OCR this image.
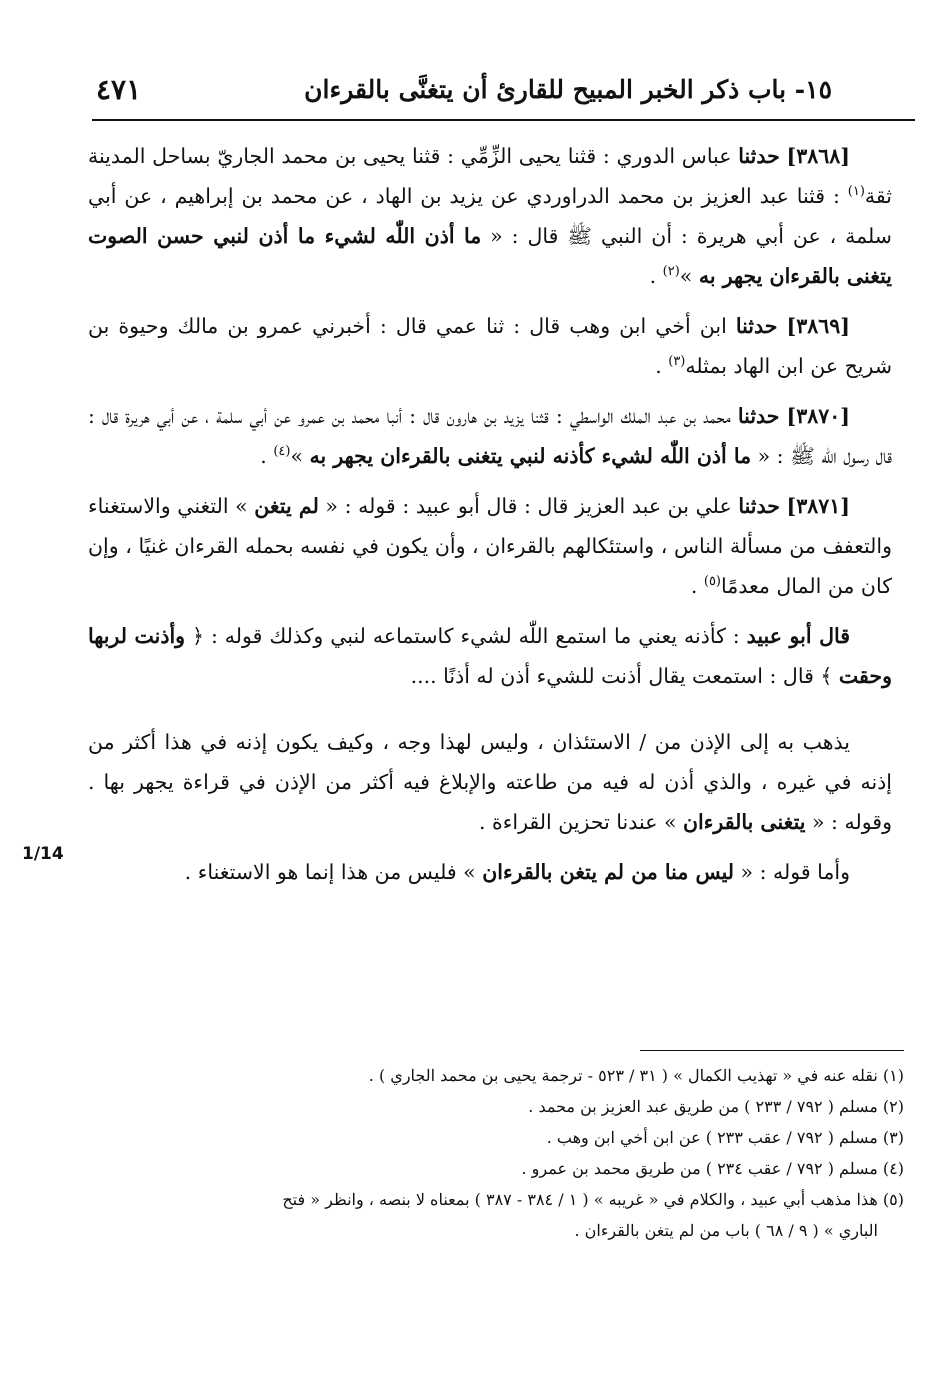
١٥- باب ذكر الخبر المبيح للقارئ أن يتغنَّى بالقرءان
٤٧١

[٣٨٦٨] حدثنا عباس الدوري : قثنا يحيى الزِّمِّي : قثنا يحيى بن محمد الجاريّ بساحل المدينة ثقة$^{(١)}$ : قثنا عبد العزيز بن محمد الدراوردي عن يزيد بن الهاد ، عن محمد بن إبراهيم ، عن أبي سلمة ، عن أبي هريرة : أن النبي ﷺ قال : « ما أذن اللّٰه لشيء ما أذن لنبي حسن الصوت يتغنى بالقرءان يجهر به »$^{(٢)}$ .

[٣٨٦٩] حدثنا ابن أخي ابن وهب قال : ثنا عمي قال : أخبرني عمرو بن مالك وحيوة بن شريح عن ابن الهاد بمثله$^{(٣)}$ .

[٣٨٧٠] حدثنا محمد بن عبد الملك الواسطي : قثنا يزيد بن هارون قال : أنبا محمد بن عمرو عن أبي سلمة ، عن أبي هريرة قال : قال رسول اللّٰه ﷺ : « ما أذن اللّٰه لشيء كأذنه لنبي يتغنى بالقرءان يجهر به »$^{(٤)}$ .

[٣٨٧١] حدثنا علي بن عبد العزيز قال : قال أبو عبيد : قوله : « لم يتغن » التغني والاستغناء والتعفف من مسألة الناس ، واستئكالهم بالقرءان ، وأن يكون في نفسه بحمله القرءان غنيًا ، وإن كان من المال معدمًا$^{(٥)}$ .

قال أبو عبيد : كأذنه يعني ما استمع اللّٰه لشيء كاستماعه لنبي وكذلك قوله : ﴿ وأذنت لربها وحقت ﴾ قال : استمعت يقال أذنت للشيء أذن له أذنًا ....

يذهب به إلى الإذن من / الاستئذان ، وليس لهذا وجه ، وكيف يكون إذنه في هذا أكثر من إذنه في غيره ، والذي أذن له فيه من طاعته والإبلاغ فيه أكثر من الإذن في قراءة يجهر بها . وقوله : « يتغنى بالقرءان » عندنا تحزين القراءة .

وأما قوله : « ليس منا من لم يتغن بالقرءان » فليس من هذا إنما هو الاستغناء .

1/14

(١) نقله عنه في « تهذيب الكمال » ( ٣١ / ٥٢٣ - ترجمة يحيى بن محمد الجاري ) .

(٢) مسلم ( ٧٩٢ / ٢٣٣ ) من طريق عبد العزيز بن محمد .

(٣) مسلم ( ٧٩٢ / عقب ٢٣٣ ) عن ابن أخي ابن وهب .

(٤) مسلم ( ٧٩٢ / عقب ٢٣٤ ) من طريق محمد بن عمرو .

(٥) هذا مذهب أبي عبيد ، والكلام في « غريبه » ( ١ / ٣٨٤ - ٣٨٧ ) بمعناه لا بنصه ، وانظر « فتح

الباري » ( ٩ / ٦٨ ) باب من لم يتغن بالقرءان .
